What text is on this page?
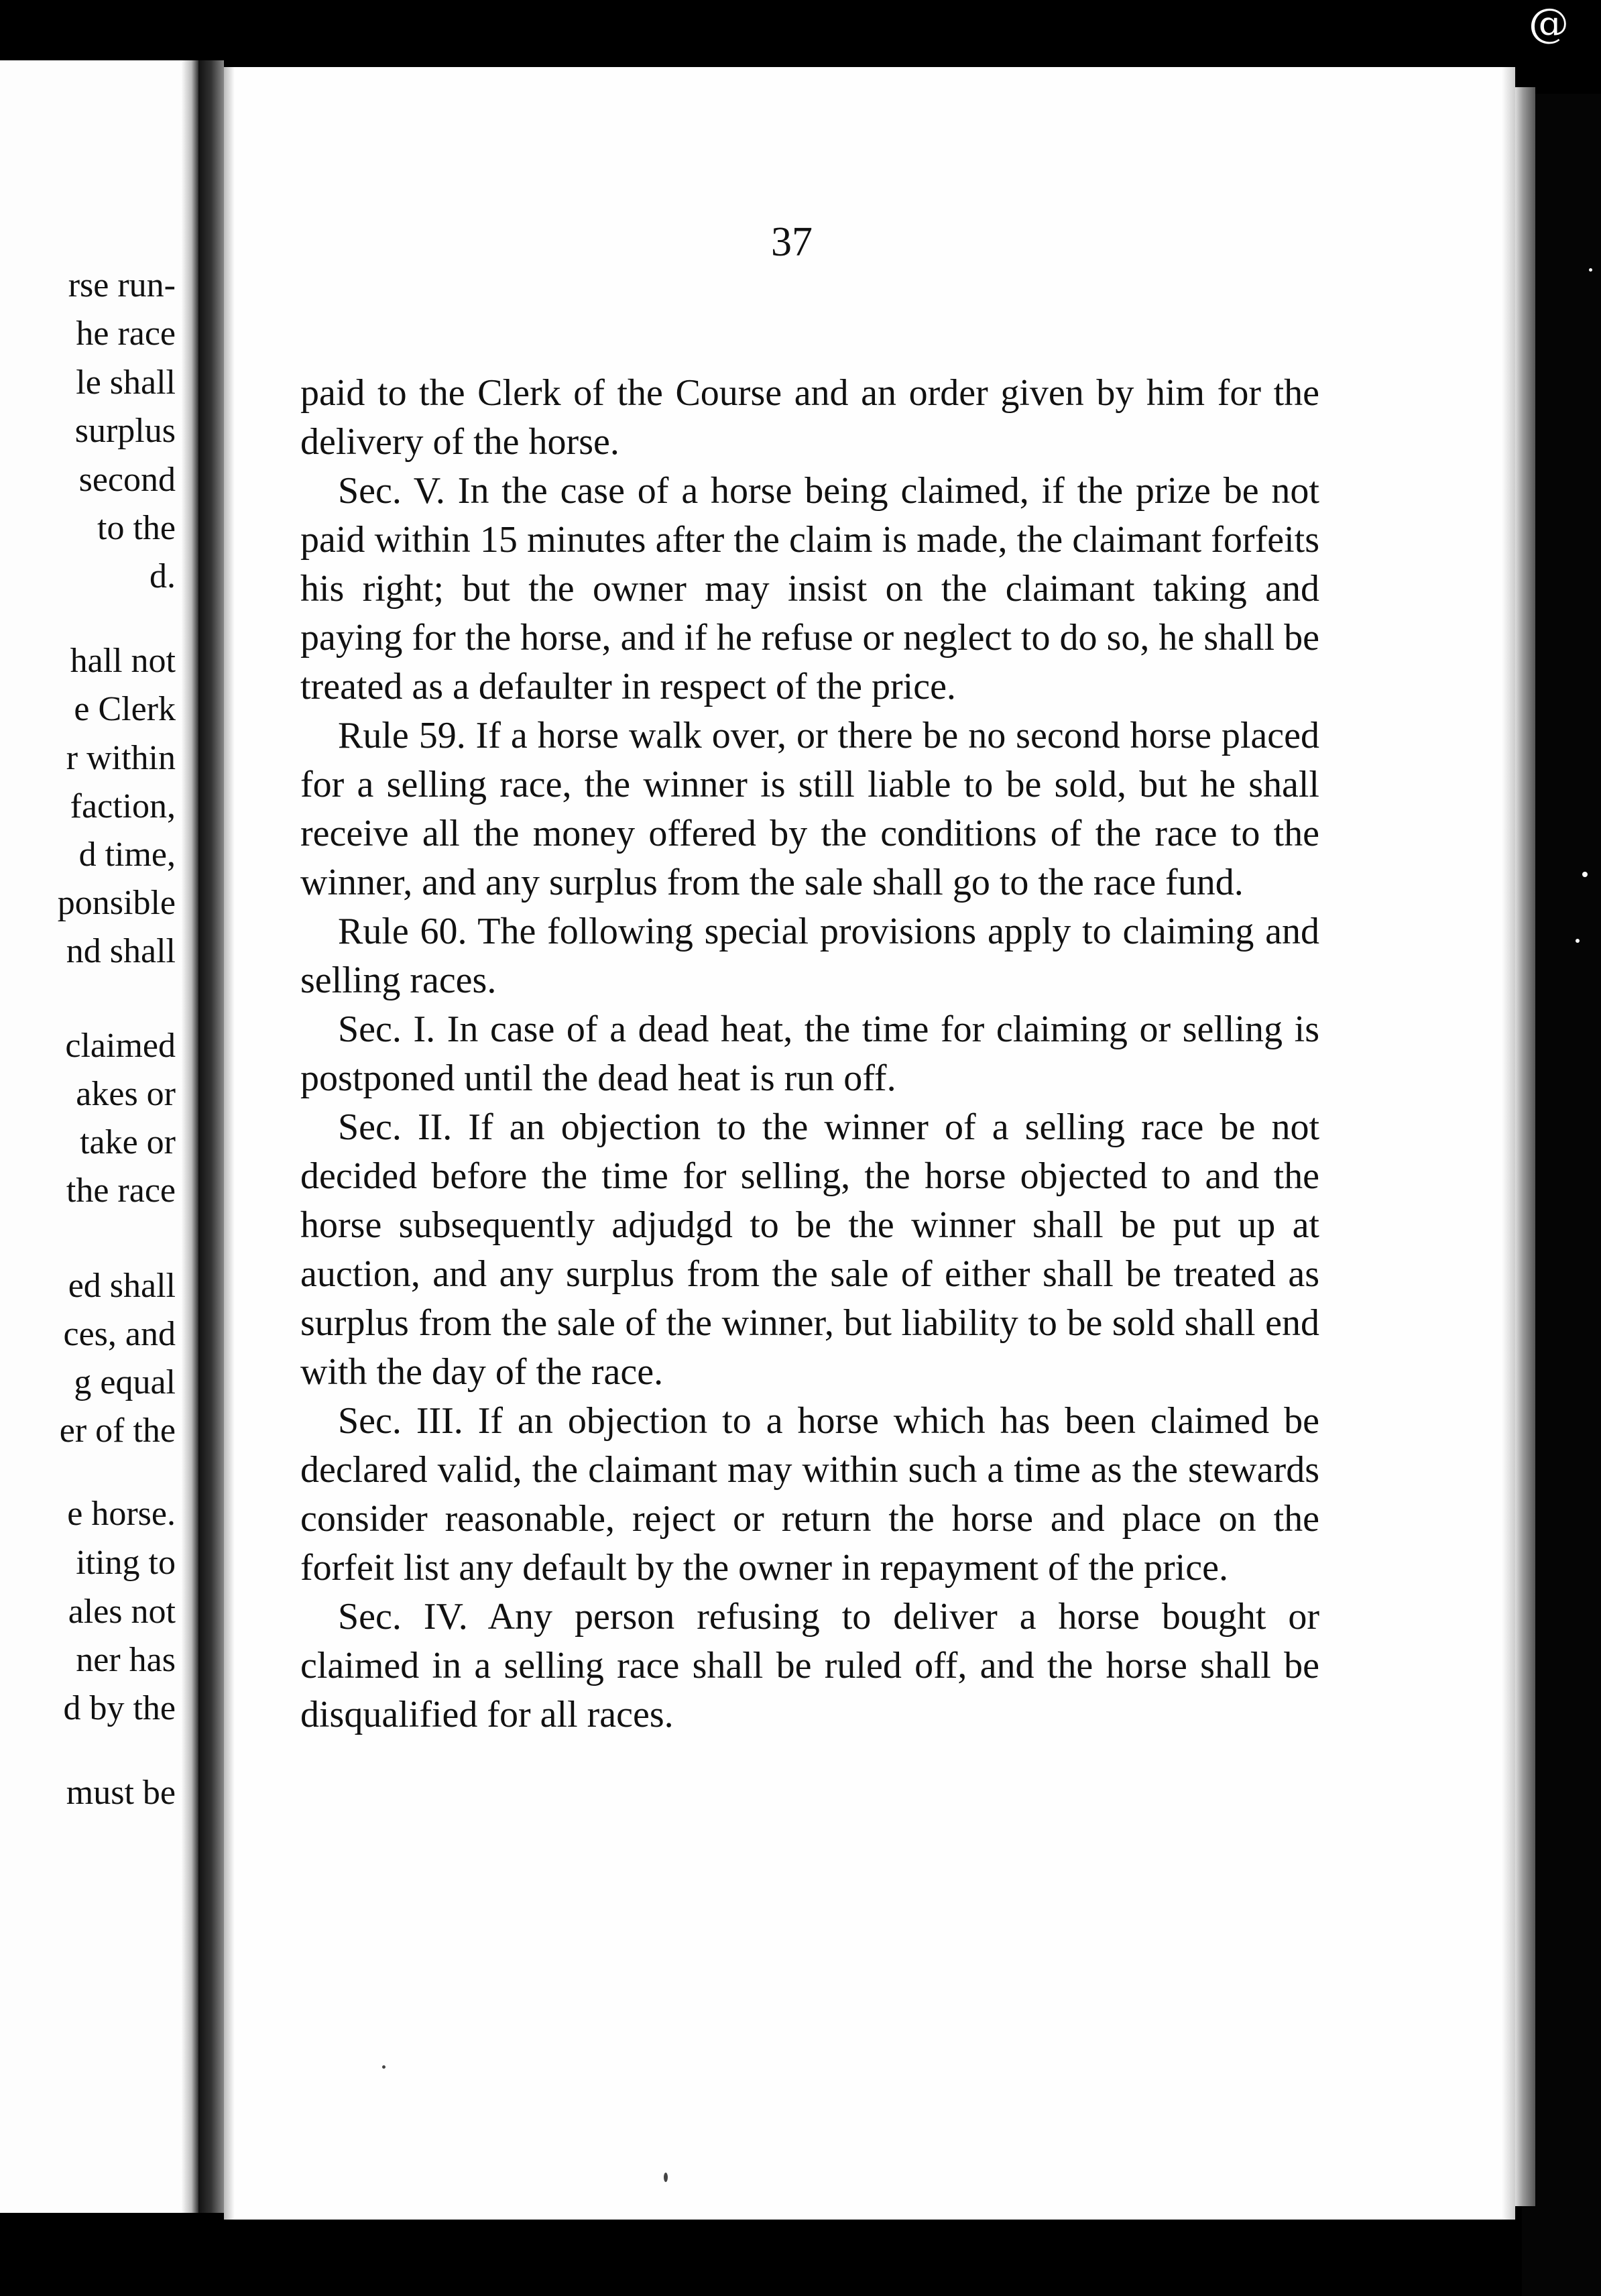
@
rse run-
he race
le shall
surplus
second
to the
d.
hall not
e Clerk
r within
faction,
d time,
ponsible
nd shall
claimed
akes or
take or
the race
ed shall
ces, and
g equal
er of the
e horse.
iting to
ales not
ner has
d by the
must be
37

paid to the Clerk of the Course and an order given by him for the delivery of the horse.

Sec. V. In the case of a horse being claimed, if the prize be not paid within 15 minutes after the claim is made, the claimant forfeits his right; but the owner may insist on the claimant taking and paying for the horse, and if he refuse or neglect to do so, he shall be treated as a defaulter in respect of the price.

Rule 59. If a horse walk over, or there be no second horse placed for a selling race, the winner is still liable to be sold, but he shall receive all the money offered by the conditions of the race to the winner, and any surplus from the sale shall go to the race fund.

Rule 60. The following special provisions apply to claiming and selling races.

Sec. I. In case of a dead heat, the time for claiming or selling is postponed until the dead heat is run off.

Sec. II. If an objection to the winner of a selling race be not decided before the time for selling, the horse objected to and the horse subsequently adjudgd to be the winner shall be put up at auction, and any surplus from the sale of either shall be treated as surplus from the sale of the winner, but liability to be sold shall end with the day of the race.

Sec. III. If an objection to a horse which has been claimed be declared valid, the claimant may within such a time as the stewards consider reasonable, reject or return the horse and place on the forfeit list any default by the owner in repayment of the price.

Sec. IV. Any person refusing to deliver a horse bought or claimed in a selling race shall be ruled off, and the horse shall be disqualified for all races.
